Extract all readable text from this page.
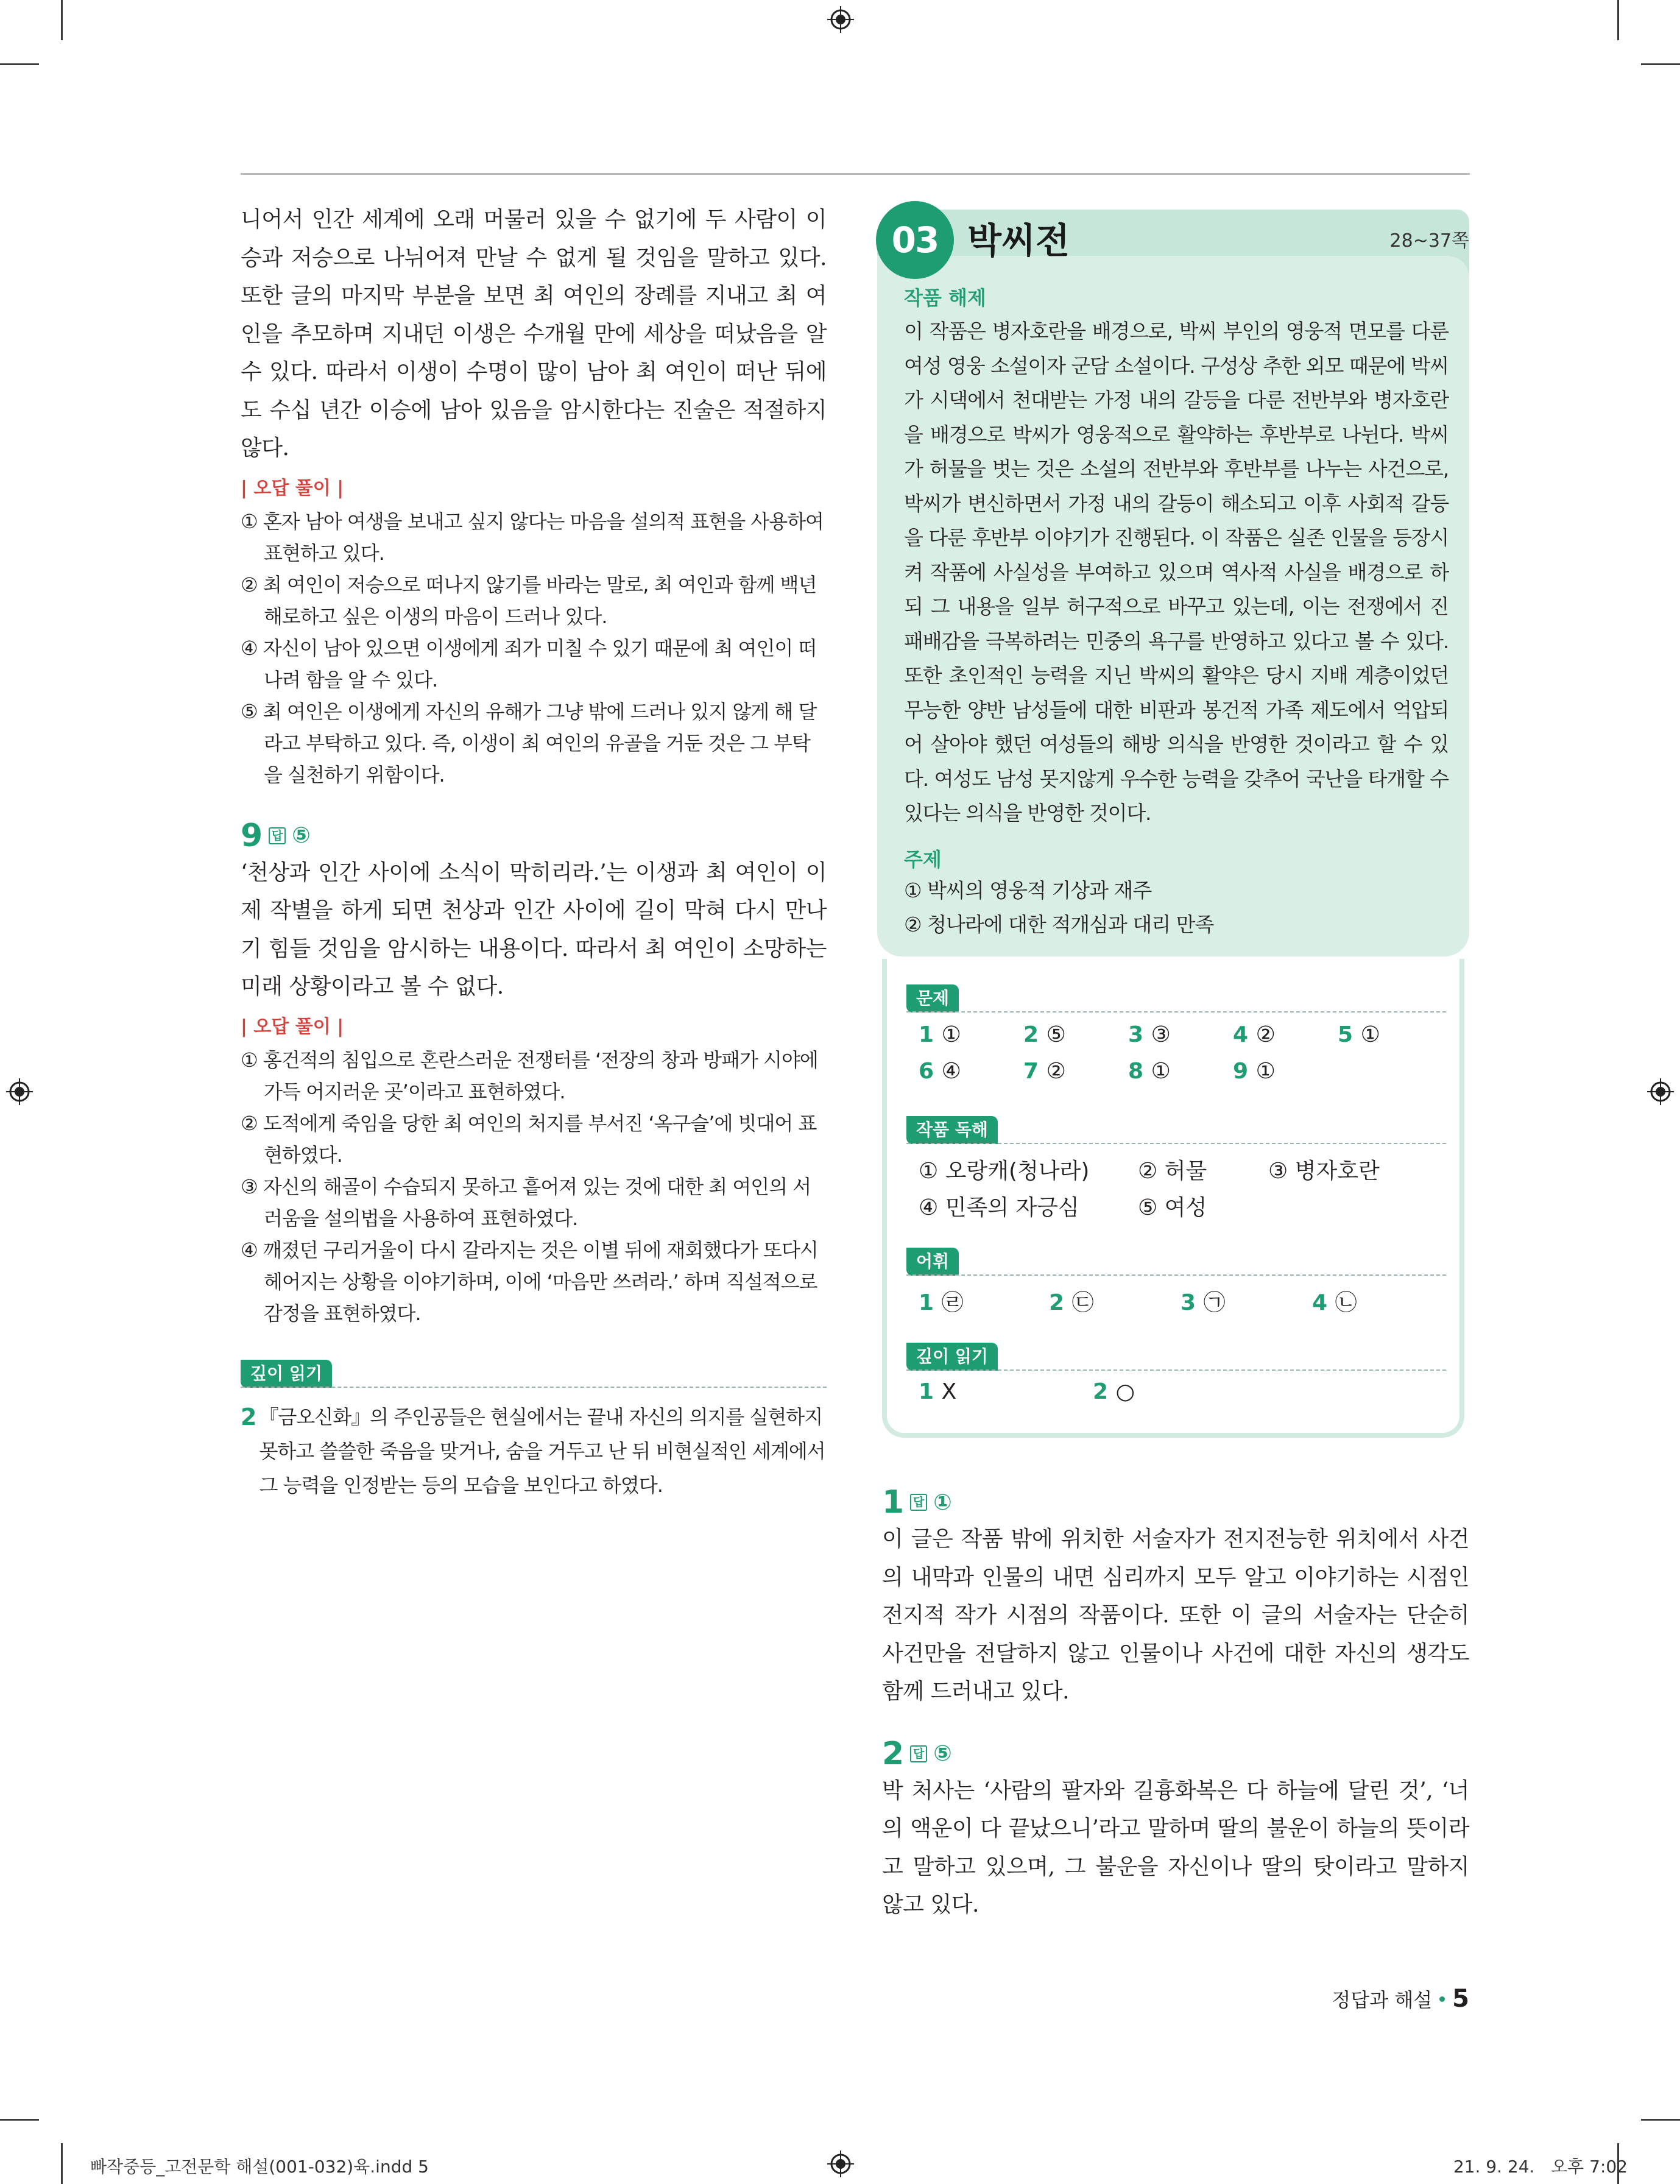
니어서 인간 세계에 오래 머물러 있을 수 없기에 두 사람이 이승과 저승으로 나뉘어져 만날 수 없게 될 것임을 말하고 있다. 또한 글의 마지막 부분을 보면 최 여인의 장례를 지내고 최 여인을 추모하며 지내던 이생은 수개월 만에 세상을 떠났음을 알 수 있다. 따라서 이생이 수명이 많이 남아 최 여인이 떠난 뒤에도 수십 년간 이승에 남아 있음을 암시한다는 진술은 적절하지 않다.

| 오답 풀이 |

① 혼자 남아 여생을 보내고 싶지 않다는 마음을 설의적 표현을 사용하여 표현하고 있다.

② 최 여인이 저승으로 떠나지 않기를 바라는 말로, 최 여인과 함께 백년해로하고 싶은 이생의 마음이 드러나 있다.

④ 자신이 남아 있으면 이생에게 죄가 미칠 수 있기 때문에 최 여인이 떠나려 함을 알 수 있다.

⑤ 최 여인은 이생에게 자신의 유해가 그냥 밖에 드러나 있지 않게 해 달라고 부탁하고 있다. 즉, 이생이 최 여인의 유골을 거둔 것은 그 부탁을 실천하기 위함이다.

9 답 ⑤

‘천상과 인간 사이에 소식이 막히리라.’는 이생과 최 여인이 이제 작별을 하게 되면 천상과 인간 사이에 길이 막혀 다시 만나기 힘들 것임을 암시하는 내용이다. 따라서 최 여인이 소망하는 미래 상황이라고 볼 수 없다.

| 오답 풀이 |

① 홍건적의 침입으로 혼란스러운 전쟁터를 ‘전장의 창과 방패가 시야에 가득 어지러운 곳’이라고 표현하였다.

② 도적에게 죽임을 당한 최 여인의 처지를 부서진 ‘옥구슬’에 빗대어 표현하였다.

③ 자신의 해골이 수습되지 못하고 흩어져 있는 것에 대한 최 여인의 서러움을 설의법을 사용하여 표현하였다.

④ 깨졌던 구리거울이 다시 갈라지는 것은 이별 뒤에 재회했다가 또다시 헤어지는 상황을 이야기하며, 이에 ‘마음만 쓰려라.’ 하며 직설적으로 감정을 표현하였다.

깊이 읽기
2 『금오신화』의 주인공들은 현실에서는 끝내 자신의 의지를 실현하지 못하고 쓸쓸한 죽음을 맞거나, 숨을 거두고 난 뒤 비현실적인 세계에서 그 능력을 인정받는 등의 모습을 보인다고 하였다.

작품 해제

이 작품은 병자호란을 배경으로, 박씨 부인의 영웅적 면모를 다룬 여성 영웅 소설이자 군담 소설이다. 구성상 추한 외모 때문에 박씨가 시댁에서 천대받는 가정 내의 갈등을 다룬 전반부와 병자호란을 배경으로 박씨가 영웅적으로 활약하는 후반부로 나뉜다. 박씨가 허물을 벗는 것은 소설의 전반부와 후반부를 나누는 사건으로, 박씨가 변신하면서 가정 내의 갈등이 해소되고 이후 사회적 갈등을 다룬 후반부 이야기가 진행된다. 이 작품은 실존 인물을 등장시켜 작품에 사실성을 부여하고 있으며 역사적 사실을 배경으로 하되 그 내용을 일부 허구적으로 바꾸고 있는데, 이는 전쟁에서 진 패배감을 극복하려는 민중의 욕구를 반영하고 있다고 볼 수 있다. 또한 초인적인 능력을 지닌 박씨의 활약은 당시 지배 계층이었던 무능한 양반 남성들에 대한 비판과 봉건적 가족 제도에서 억압되어 살아야 했던 여성들의 해방 의식을 반영한 것이라고 할 수 있다. 여성도 남성 못지않게 우수한 능력을 갖추어 국난을 타개할 수 있다는 의식을 반영한 것이다.

주제

① 박씨의 영웅적 기상과 재주

② 청나라에 대한 적개심과 대리 만족

03 박씨전	28~37쪽
문제
1 ①	2 ⑤	3 ③	4 ②	5 ①
6 ④	7 ②	8 ①	9 ①
작품 독해
① 오랑캐(청나라) ② 허물	③ 병자호란
④ 민족의 자긍심	⑤ 여성
어휘
1 ㉣	2 ㉢	3 ㉠	4 ㉡
깊이 읽기
1 X	2 ○
1 답 ①

이 글은 작품 밖에 위치한 서술자가 전지전능한 위치에서 사건의 내막과 인물의 내면 심리까지 모두 알고 이야기하는 시점인 전지적 작가 시점의 작품이다. 또한 이 글의 서술자는 단순히 사건만을 전달하지 않고 인물이나 사건에 대한 자신의 생각도 함께 드러내고 있다.

2 답 ⑤

박 처사는 ‘사람의 팔자와 길흉화복은 다 하늘에 달린 것’, ‘너의 액운이 다 끝났으니’라고 말하며 딸의 불운이 하늘의 뜻이라고 말하고 있으며, 그 불운을 자신이나 딸의 탓이라고 말하지 않고 있다.

정답과 해설 5
빠작중등_고전문학 해설(001-032)육.indd 5	21. 9. 24.   오후 7:02
